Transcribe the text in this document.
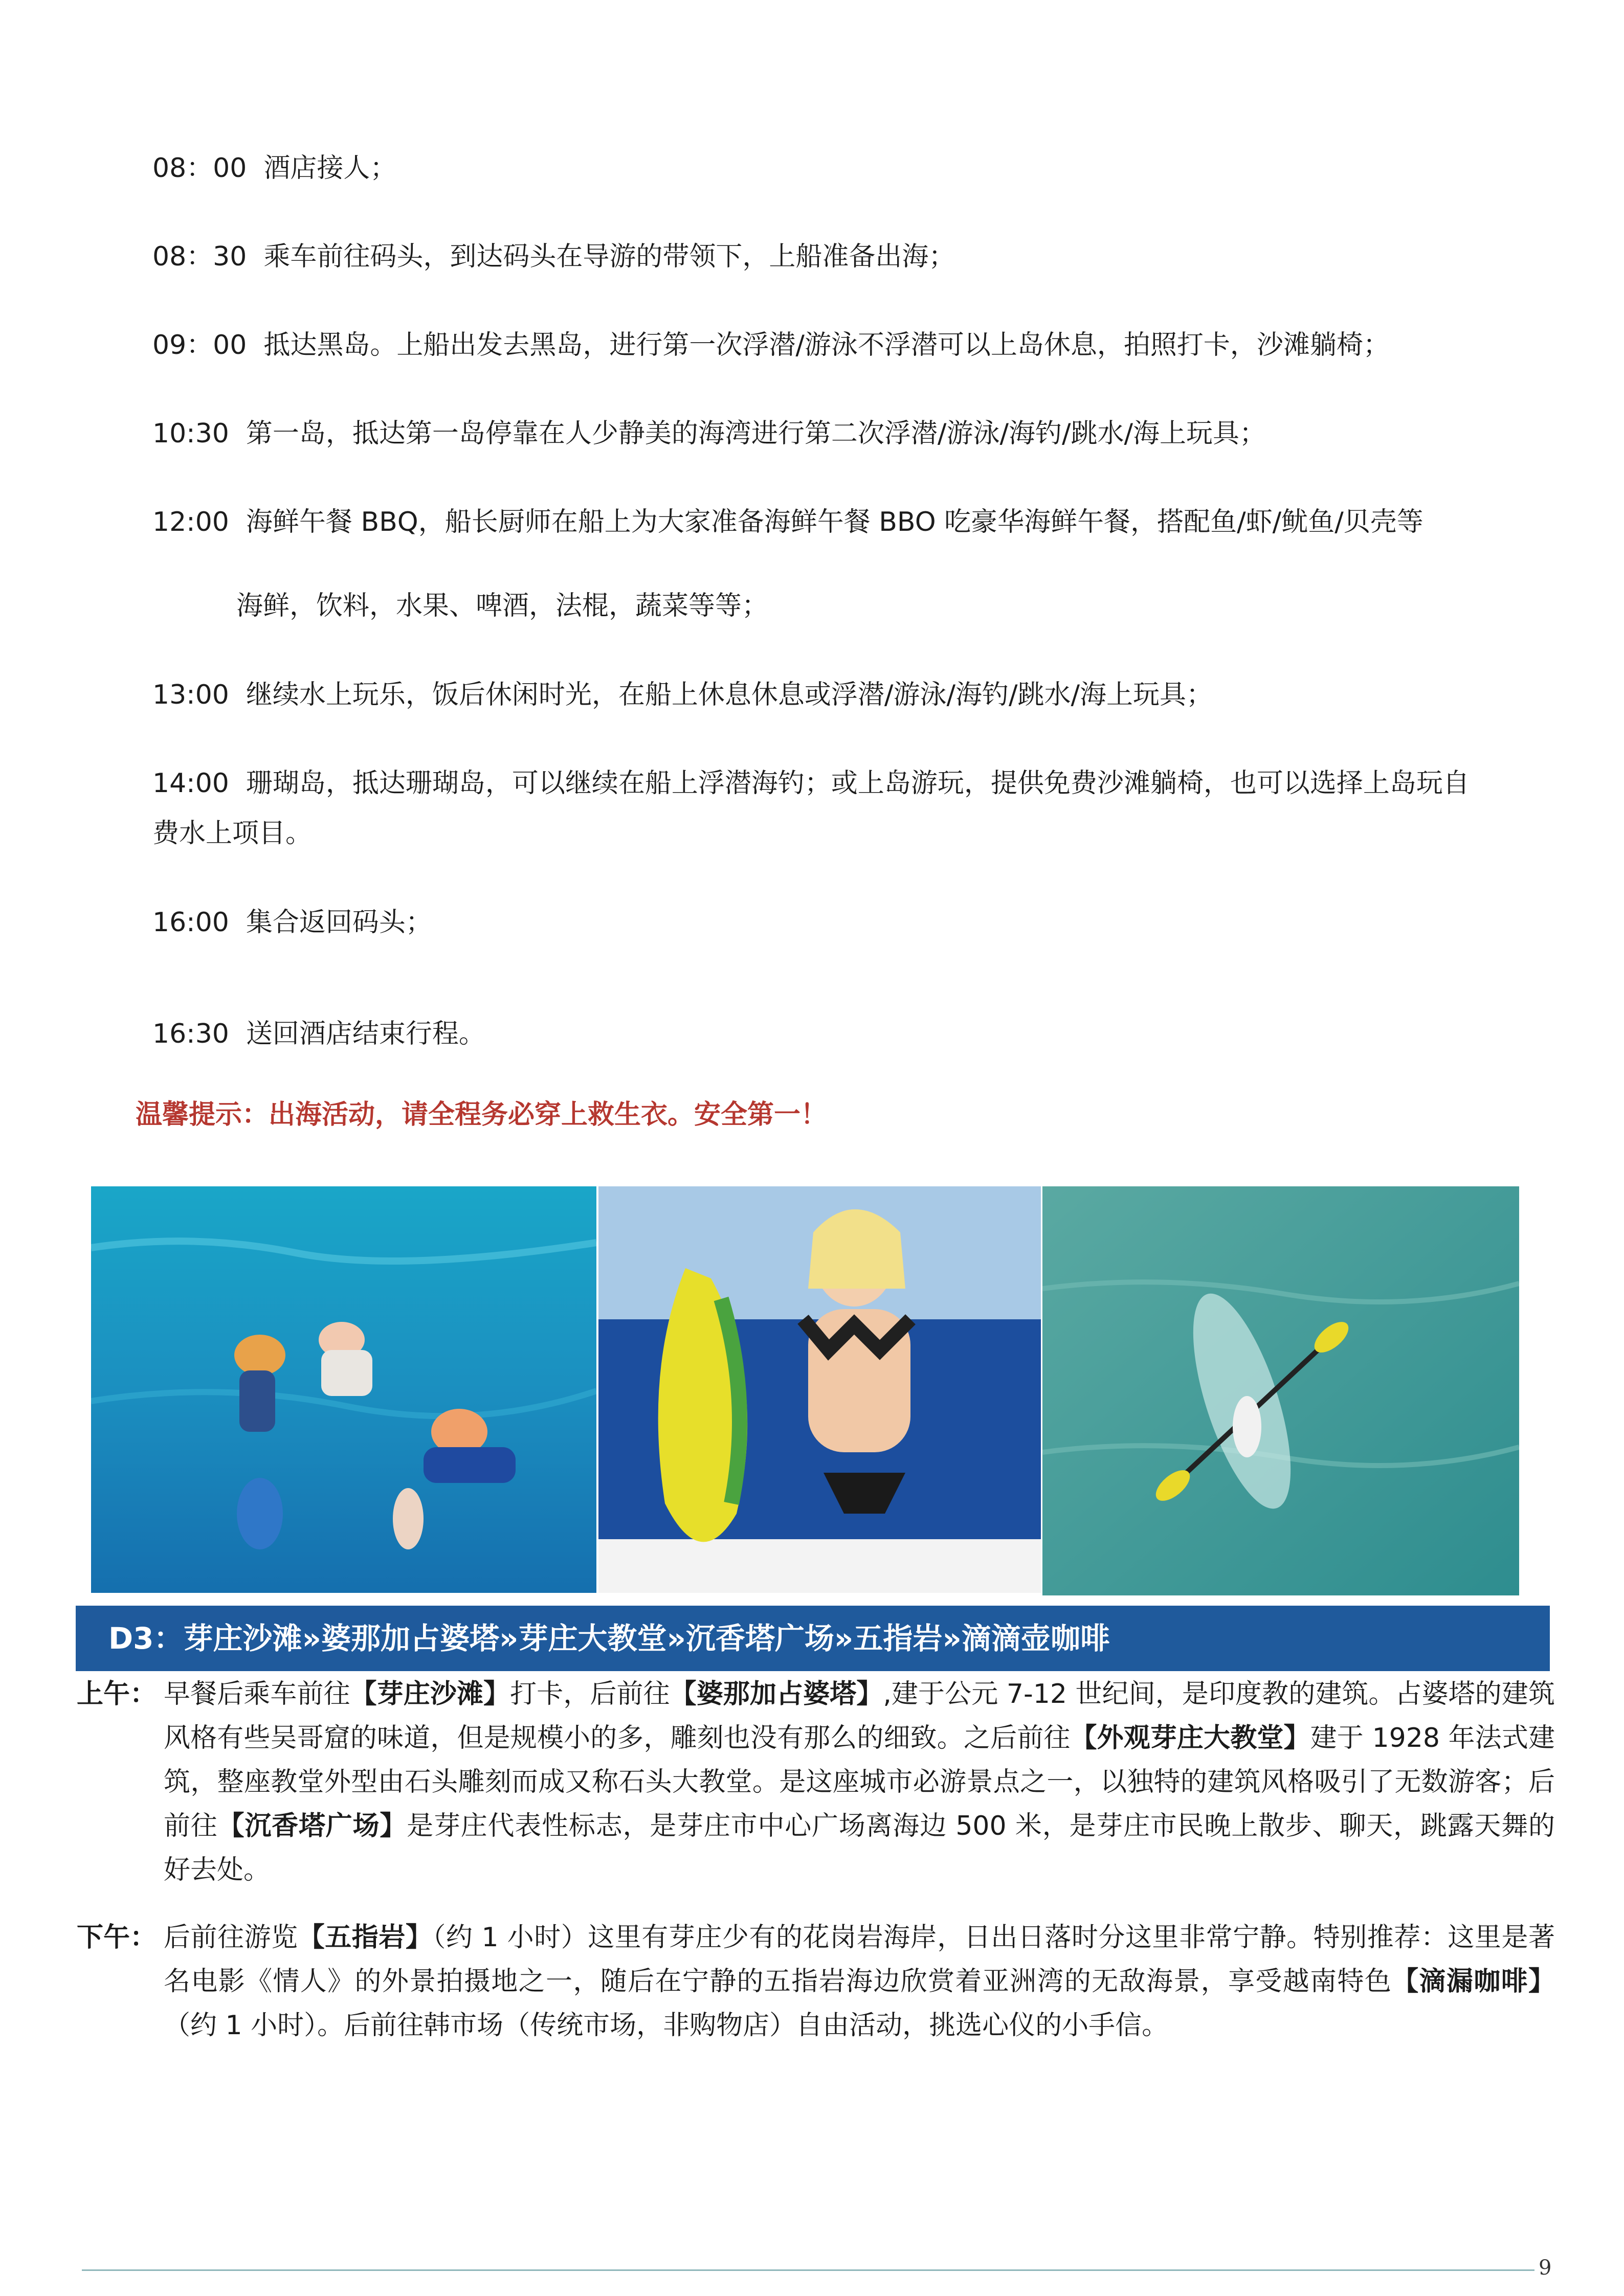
08：00 酒店接人；
08：30 乘车前往码头，到达码头在导游的带领下，上船准备出海；
09：00 抵达黑岛。上船出发去黑岛，进行第一次浮潜/游泳不浮潜可以上岛休息，拍照打卡，沙滩躺椅；
10:30 第一岛，抵达第一岛停靠在人少静美的海湾进行第二次浮潜/游泳/海钓/跳水/海上玩具；
12:00 海鲜午餐 BBQ，船长厨师在船上为大家准备海鲜午餐 BBO 吃豪华海鲜午餐，搭配鱼/虾/鱿鱼/贝壳等
海鲜，饮料，水果、啤酒，法棍，蔬菜等等；
13:00 继续水上玩乐，饭后休闲时光，在船上休息休息或浮潜/游泳/海钓/跳水/海上玩具；
14:00 珊瑚岛，抵达珊瑚岛，可以继续在船上浮潜海钓；或上岛游玩，提供免费沙滩躺椅，也可以选择上岛玩自
费水上项目。
16:00 集合返回码头；
16:30 送回酒店结束行程。
温馨提示：出海活动，请全程务必穿上救生衣。安全第一！
D3：芽庄沙滩»婆那加占婆塔»芽庄大教堂»沉香塔广场»五指岩»滴滴壶咖啡
上午： 早餐后乘车前往【芽庄沙滩】打卡，后前往【婆那加占婆塔】,建于公元 7-12 世纪间，是印度教的建筑。占婆塔的建筑风格有些吴哥窟的味道，但是规模小的多，雕刻也没有那么的细致。之后前往【外观芽庄大教堂】建于 1928 年法式建筑，整座教堂外型由石头雕刻而成又称石头大教堂。是这座城市必游景点之一，以独特的建筑风格吸引了无数游客；后前往【沉香塔广场】是芽庄代表性标志，是芽庄市中心广场离海边 500 米，是芽庄市民晚上散步、聊天，跳露天舞的好去处。
下午： 后前往游览【五指岩】（约 1 小时）这里有芽庄少有的花岗岩海岸，日出日落时分这里非常宁静。特别推荐：这里是著名电影《情人》的外景拍摄地之一，随后在宁静的五指岩海边欣赏着亚洲湾的无敌海景，享受越南特色【滴漏咖啡】（约 1 小时）。后前往韩市场（传统市场，非购物店）自由活动，挑选心仪的小手信。
9
